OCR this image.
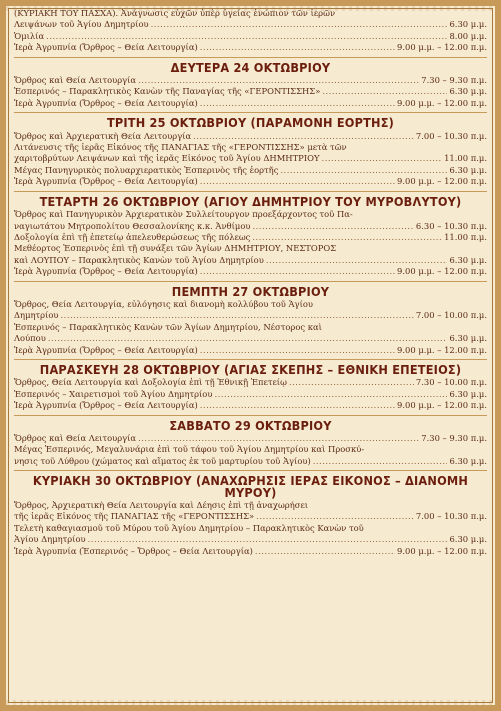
(ΚΥΡΙΑΚΗ ΤΟΥ ΠΑΣΧΑ). Ἀνάγνωσις εὐχῶν ὑπὲρ ὑγείας ἐνώπιον τῶν ἱερῶν
Λειψάνων τοῦ Ἁγίου Δημητρίου .....	6.30 μ.μ.
Ὁμιλία .....	8.00 μ.μ.
Ἱερὰ Ἀγρυπνία (Ὄρθρος – Θεία Λειτουργία) .....	9.00 μ.μ. – 12.00 π.μ.
ΔΕΥΤΕΡΑ 24 ΟΚΤΩΒΡΙΟΥ
Ὄρθρος καὶ Θεία Λειτουργία .....	7.30 – 9.30 π.μ.
Ἑσπερινός – Παρακλητικὸς Κανὼν τῆς Παναγίας τῆς «ΓΕΡΟΝΤΙΣΣΗΣ» .....	6.30 μ.μ.
Ἱερὰ Ἀγρυπνία (Ὄρθρος – Θεία Λειτουργία) .....	9.00 μ.μ. – 12.00 π.μ.
ΤΡΙΤΗ 25 ΟΚΤΩΒΡΙΟΥ (ΠΑΡΑΜΟΝΗ ΕΟΡΤΗΣ)
Ὄρθρος καὶ Ἀρχιερατικὴ Θεία Λειτουργία .....	7.00 – 10.30 π.μ.
Λιτάνευσις τῆς ἱερᾶς Εἰκόνος τῆς ΠΑΝΑΓΙΑΣ τῆς «ΓΕΡΟΝΤΙΣΣΗΣ» μετὰ τῶν
χαριτοβρύτων Λειψάνων καὶ τῆς ἱερᾶς Εἰκόνος τοῦ Ἁγίου ΔΗΜΗΤΡΙΟΥ .....	11.00 π.μ.
Μέγας Πανηγυρικὸς πολυαρχιερατικὸς Ἑσπερινὸς τῆς ἑορτῆς .....	6.30 μ.μ.
Ἱερὰ Ἀγρυπνία (Ὄρθρος – Θεία Λειτουργία) .....	9.00 μ.μ. – 12.00 π.μ.
ΤΕΤΑΡΤΗ 26 ΟΚΤΩΒΡΙΟΥ (ΑΓΙΟΥ ΔΗΜΗΤΡΙΟΥ ΤΟΥ ΜΥΡΟΒΛΥΤΟΥ)
Ὄρθρος καὶ Πανηγυρικὸν Ἀρχιερατικὸν Συλλείτουργον προεξάρχοντος τοῦ Πα-
ναγιωτάτου Μητροπολίτου Θεσσαλονίκης κ.κ. Ἀνθίμου .....	6.30 – 10.30 π.μ.
Δοξολογία ἐπὶ τῇ ἐπετείῳ ἀπελευθερώσεως τῆς πόλεως .....	11.00 π.μ.
Μεθέορτος Ἑσπερινὸς ἐπὶ τῇ συνάξει τῶν Ἁγίων ΔΗΜΗΤΡΙΟΥ, ΝΕΣΤΟΡΟΣ
καὶ ΛΟΥΠΟΥ – Παρακλητικὸς Κανὼν τοῦ Ἁγίου Δημητρίου .....	6.30 μ.μ.
Ἱερὰ Ἀγρυπνία (Ὄρθρος – Θεία Λειτουργία) .....	9.00 μ.μ. – 12.00 π.μ.
ΠΕΜΠΤΗ 27 ΟΚΤΩΒΡΙΟΥ
Ὄρθρος, Θεία Λειτουργία, εὐλόγησις καὶ διανομὴ κολλύβου τοῦ Ἁγίου
Δημητρίου .....	7.00 – 10.00 π.μ.
Ἑσπερινός – Παρακλητικὸς Κανὼν τῶν Ἁγίων Δημητρίου, Νέστορος καὶ
Λούπου .....	6.30 μ.μ.
Ἱερὰ Ἀγρυπνία (Ὄρθρος – Θεία Λειτουργία) .....	9.00 μ.μ. – 12.00 π.μ.
ΠΑΡΑΣΚΕΥΗ 28 ΟΚΤΩΒΡΙΟΥ (ΑΓΙΑΣ ΣΚΕΠΗΣ – ΕΘΝΙΚΗ ΕΠΕΤΕΙΟΣ)
Ὄρθρος, Θεία Λειτουργία καὶ Δοξολογία ἐπὶ τῇ Ἐθνικῇ Ἐπετείῳ .....	7.30 – 10.00 π.μ.
Ἑσπερινός – Χαιρετισμοὶ τοῦ Ἁγίου Δημητρίου .....	6.30 μ.μ.
Ἱερὰ Ἀγρυπνία (Ὄρθρος – Θεία Λειτουργία) .....	9.00 μ.μ. – 12.00 π.μ.
ΣΑΒΒΑΤΟ 29 ΟΚΤΩΒΡΙΟΥ
Ὄρθρος καὶ Θεία Λειτουργία .....	7.30 – 9.30 π.μ.
Μέγας Ἑσπερινός, Μεγαλυνάρια ἐπὶ τοῦ τάφου τοῦ Ἁγίου Δημητρίου καὶ Προσκύ-
νησις τοῦ Λύθρου (χώματος καὶ αἵματος ἐκ τοῦ μαρτυρίου τοῦ Ἁγίου) .....	6.30 μ.μ.
ΚΥΡΙΑΚΗ 30 ΟΚΤΩΒΡΙΟΥ (ΑΝΑΧΩΡΗΣΙΣ ΙΕΡΑΣ ΕΙΚΟΝΟΣ – ΔΙΑΝΟΜΗ ΜΥΡΟΥ)
Ὄρθρος, Ἀρχιερατικὴ Θεία Λειτουργία καὶ Δέησις ἐπὶ τῇ ἀναχωρήσει
τῆς ἱερᾶς Εἰκόνος τῆς ΠΑΝΑΓΙΑΣ τῆς «ΓΕΡΟΝΤΙΣΣΗΣ» .....	7.00 – 10.30 π.μ.
Τελετὴ καθαγιασμοῦ τοῦ Μύρου τοῦ Ἁγίου Δημητρίου – Παρακλητικὸς Κανὼν τοῦ
Ἁγίου Δημητρίου .....	6.30 μ.μ.
Ἱερὰ Ἀγρυπνία (Ἑσπερινός – Ὄρθρος – Θεία Λειτουργία) .....	9.00 μ.μ. – 12.00 π.μ.
